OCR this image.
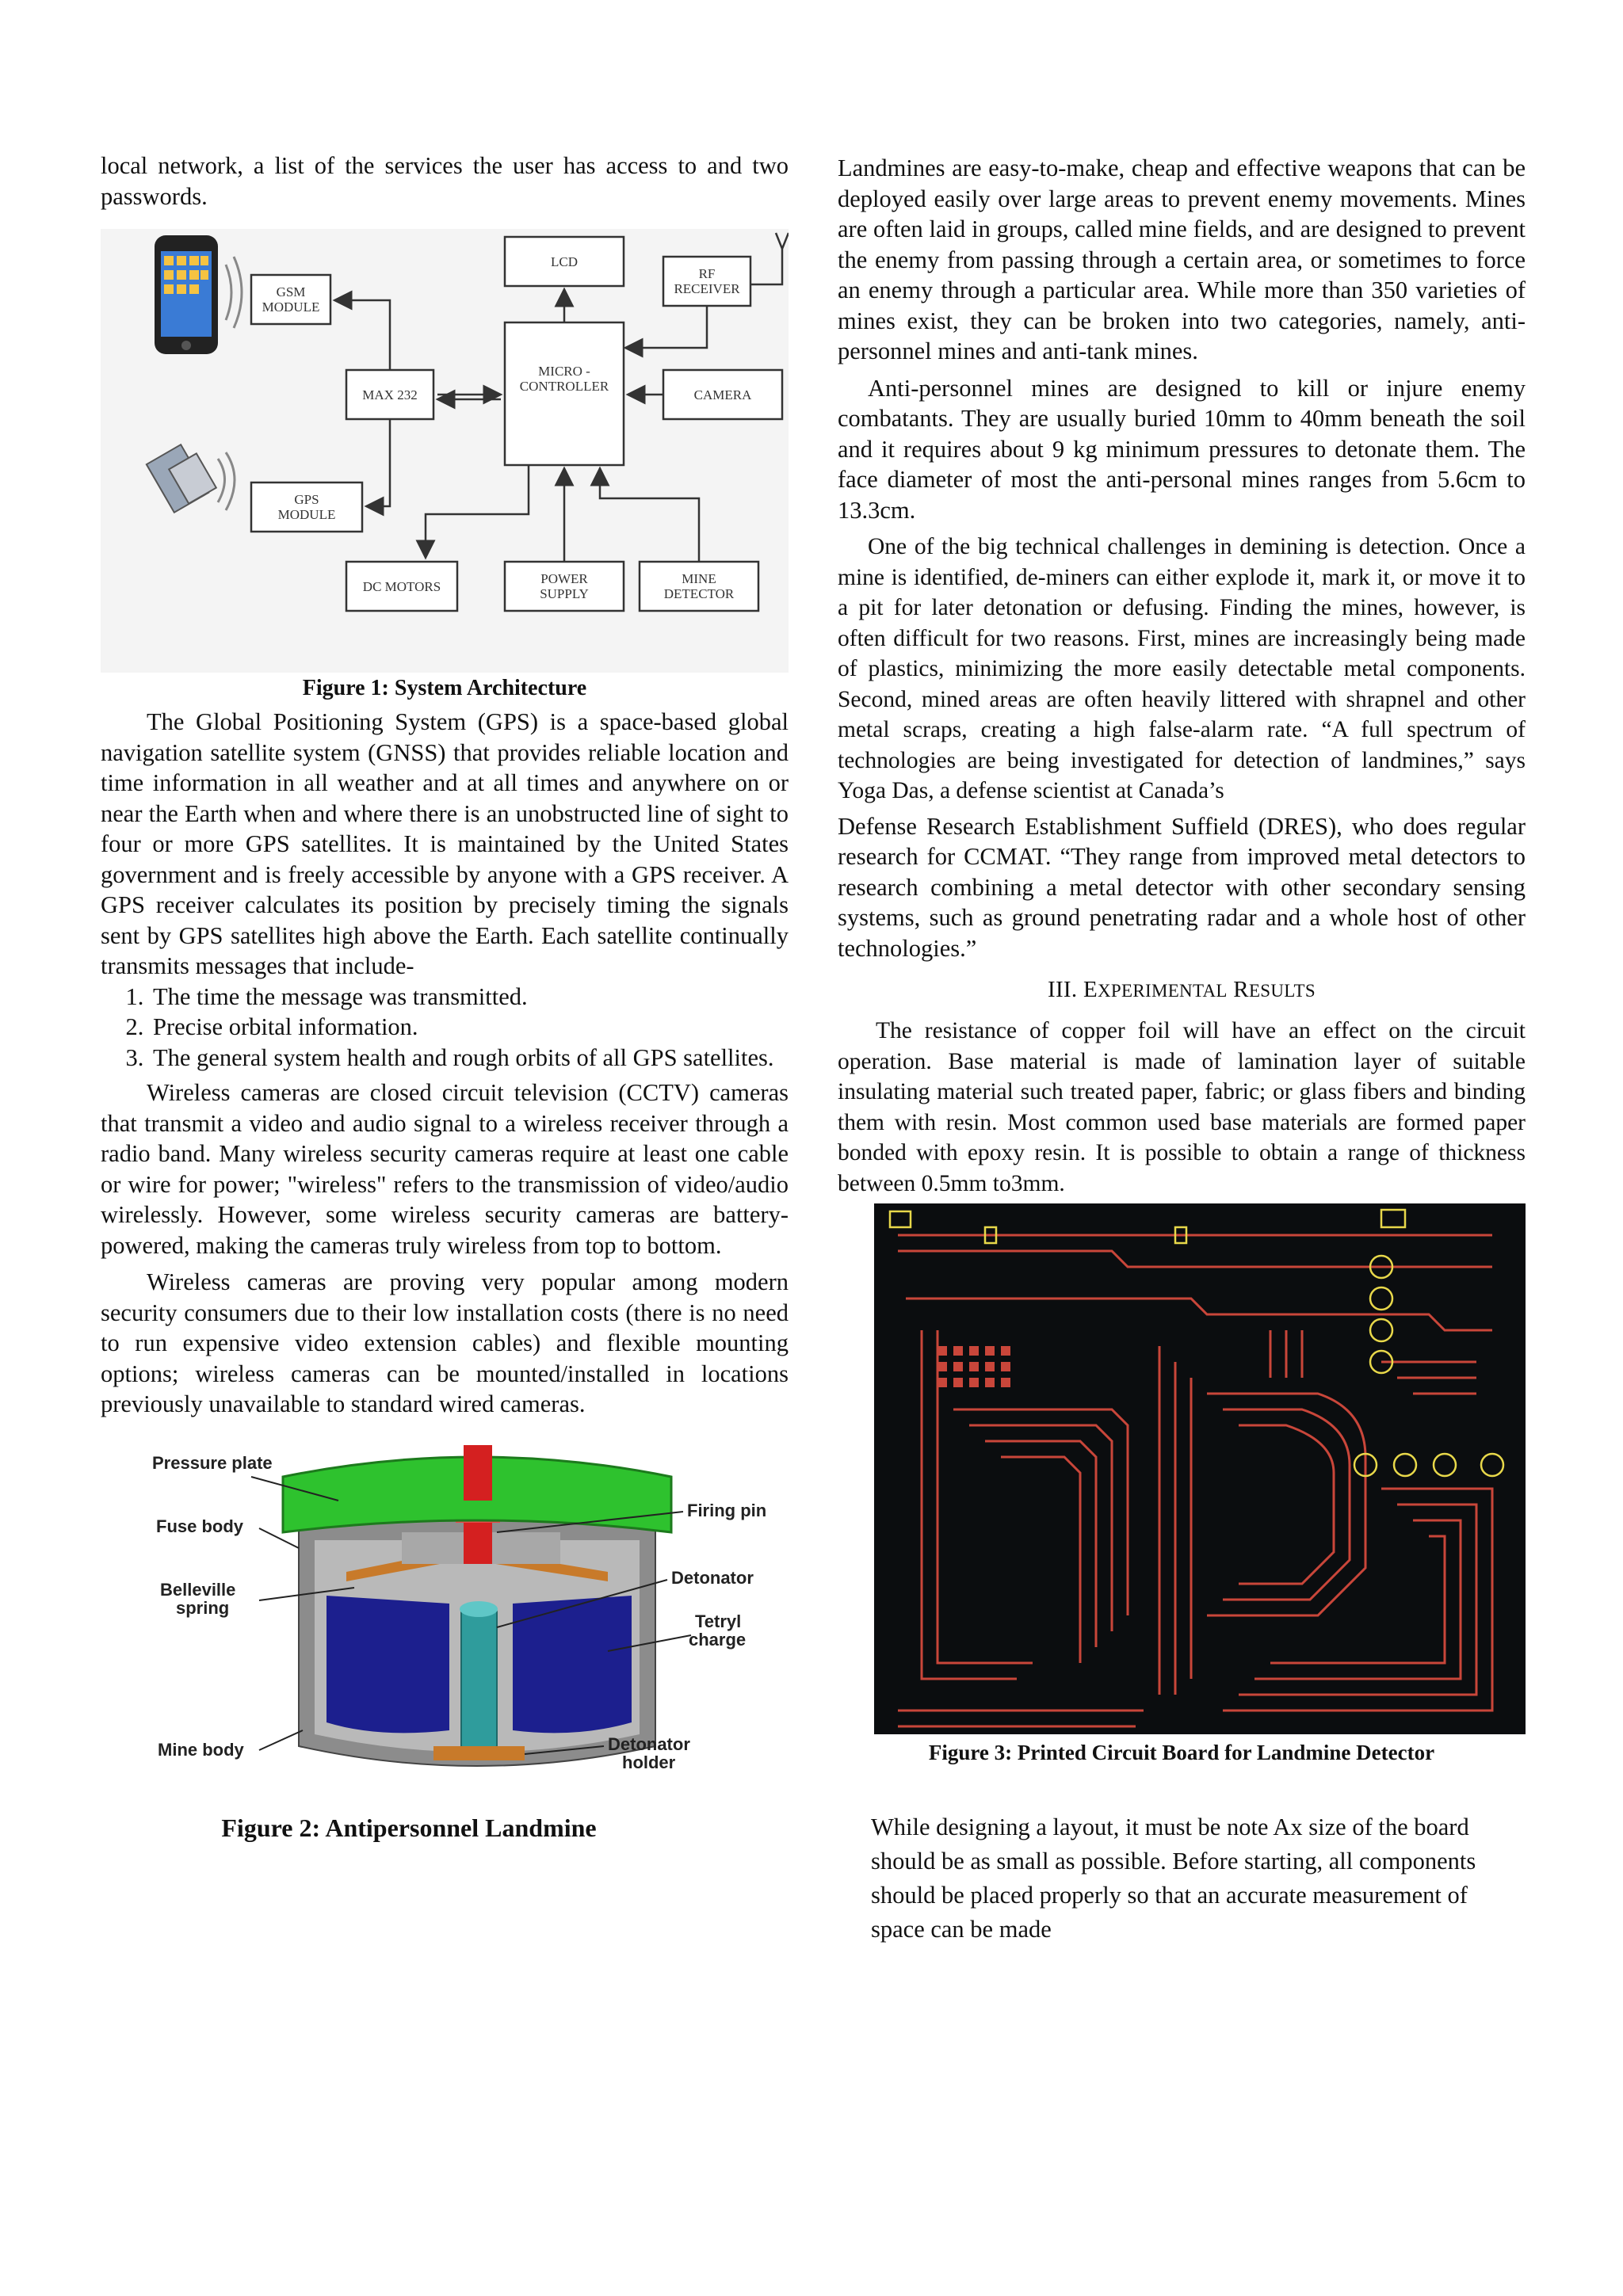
local network, a list of the services the user has access to and two passwords.

GSM
MODULE
LCD
RF
RECEIVER
MAX 232
MICRO -
CONTROLLER
CAMERA
GPS
MODULE
DC MOTORS
POWER
SUPPLY
MINE
DETECTOR

Figure 1: System Architecture

The Global Positioning System (GPS) is a space-based global navigation satellite system (GNSS) that provides reliable location and time information in all weather and at all times and anywhere on or near the Earth when and where there is an unobstructed line of sight to four or more GPS satellites. It is maintained by the United States government and is freely accessible by anyone with a GPS receiver. A GPS receiver calculates its position by precisely timing the signals sent by GPS satellites high above the Earth. Each satellite continually transmits messages that include-

1. The time the message was transmitted.
2. Precise orbital information.
3. The general system health and rough orbits of all GPS satellites.

Wireless cameras are closed circuit television (CCTV) cameras that transmit a video and audio signal to a wireless receiver through a radio band. Many wireless security cameras require at least one cable or wire for power; "wireless" refers to the transmission of video/audio wirelessly. However, some wireless security cameras are battery-powered, making the cameras truly wireless from top to bottom.

Wireless cameras are proving very popular among modern security consumers due to their low installation costs (there is no need to run expensive video extension cables) and flexible mounting options; wireless cameras can be mounted/installed in locations previously unavailable to standard wired cameras.

Pressure plate
Fuse body
Belleville
spring
Mine body
Firing pin
Detonator
Tetryl
charge
Detonator
holder

Figure 2: Antipersonnel Landmine

Landmines are easy-to-make, cheap and effective weapons that can be deployed easily over large areas to prevent enemy movements. Mines are often laid in groups, called mine fields, and are designed to prevent the enemy from passing through a certain area, or sometimes to force an enemy through a particular area. While more than 350 varieties of mines exist, they can be broken into two categories, namely, anti-personnel mines and anti-tank mines.

Anti-personnel mines are designed to kill or injure enemy combatants. They are usually buried 10mm to 40mm beneath the soil and it requires about 9 kg minimum pressures to detonate them. The face diameter of most the anti-personal mines ranges from 5.6cm to 13.3cm.

One of the big technical challenges in demining is detection. Once a mine is identified, de-miners can either explode it, mark it, or move it to a pit for later detonation or defusing. Finding the mines, however, is often difficult for two reasons. First, mines are increasingly being made of plastics, minimizing the more easily detectable metal components. Second, mined areas are often heavily littered with shrapnel and other metal scraps, creating a high false-alarm rate. “A full spectrum of technologies are being investigated for detection of landmines,” says Yoga Das, a defense scientist at Canada’s

Defense Research Establishment Suffield (DRES), who does regular research for CCMAT. “They range from improved metal detectors to research combining a metal detector with other secondary sensing systems, such as ground penetrating radar and a whole host of other technologies.”

III. EXPERIMENTAL RESULTS

The resistance of copper foil will have an effect on the circuit operation. Base material is made of lamination layer of suitable insulating material such treated paper, fabric; or glass fibers and binding them with resin. Most common used base materials are formed paper bonded with epoxy resin. It is possible to obtain a range of thickness between 0.5mm to3mm.

Figure 3: Printed Circuit Board for Landmine Detector

While designing a layout, it must be note Ax size of the board should be as small as possible. Before starting, all components should be placed properly so that an accurate measurement of space can be made
